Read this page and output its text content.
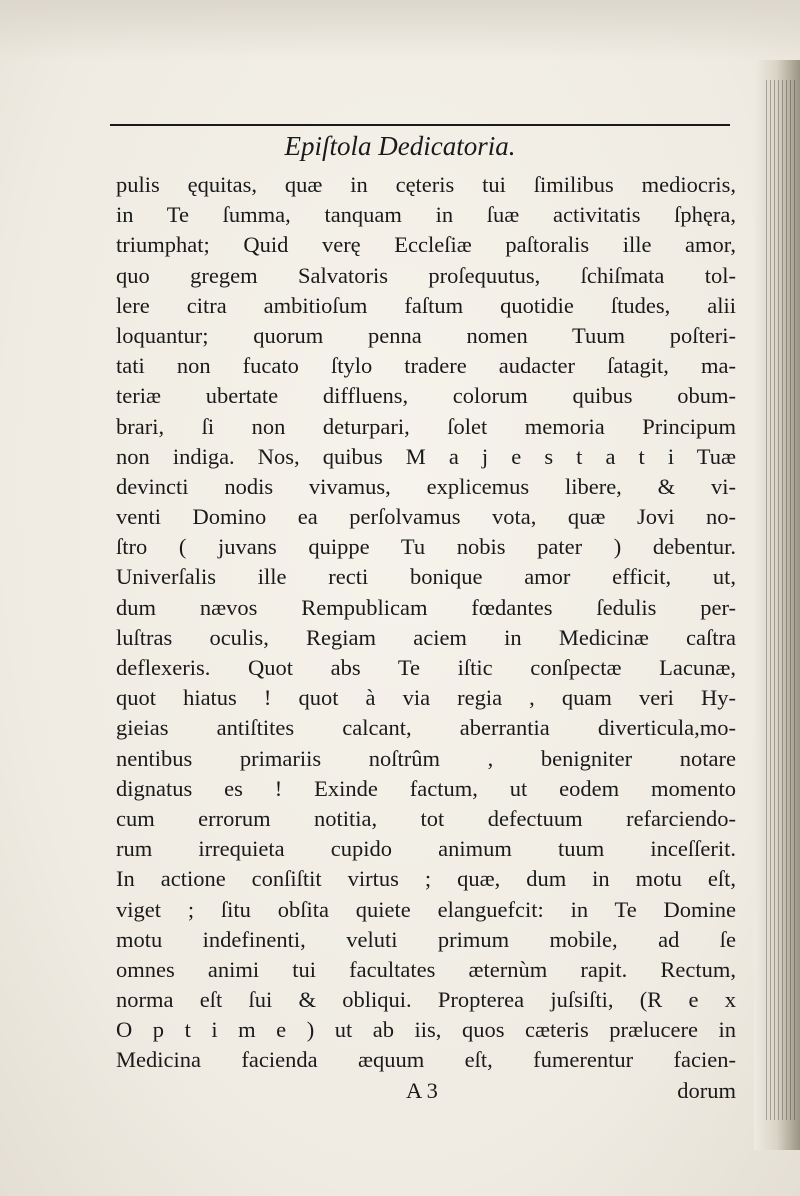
Epiſtola Dedicatoria.
pulis ęquitas, quæ in cęteris tui ſimilibus mediocris,
in Te ſumma, tanquam in ſuæ activitatis ſphęra,
triumphat; Quid verę Eccleſiæ paſtoralis ille amor,
quo gregem Salvatoris proſequutus, ſchiſmata tol-
lere citra ambitioſum faſtum quotidie ſtudes, alii
loquantur; quorum penna nomen Tuum poſteri-
tati non fucato ſtylo tradere audacter ſatagit, ma-
teriæ ubertate diffluens, colorum quibus obum-
brari, ſi non deturpari, ſolet memoria Principum
non indiga. Nos, quibus M a j e s t a t i Tuæ
devincti nodis vivamus, explicemus libere, & vi-
venti Domino ea perſolvamus vota, quæ Jovi no-
ſtro ( juvans quippe Tu nobis pater ) debentur.
Univerſalis ille recti bonique amor efficit, ut,
dum nævos Rempublicam fœdantes ſedulis per-
luſtras oculis, Regiam aciem in Medicinæ caſtra
deflexeris. Quot abs Te iſtic conſpectæ Lacunæ,
quot hiatus ! quot à via regia , quam veri Hy-
gieias antiſtites calcant, aberrantia diverticula,mo-
nentibus primariis noſtrûm , benigniter notare
dignatus es ! Exinde factum, ut eodem momento
cum errorum notitia, tot defectuum refarciendo-
rum irrequieta cupido animum tuum inceſſerit.
In actione conſiſtit virtus ; quæ, dum in motu eſt,
viget ; ſitu obſita quiete elanguefcit: in Te Domine
motu indefinenti, veluti primum mobile, ad ſe
omnes animi tui facultates æternùm rapit. Rectum,
norma eſt ſui & obliqui. Propterea juſsiſti, (R e x
O p t i m e ) ut ab iis, quos cæteris prælucere in
Medicina facienda æquum eſt, fumerentur facien-
A 3	dorum
